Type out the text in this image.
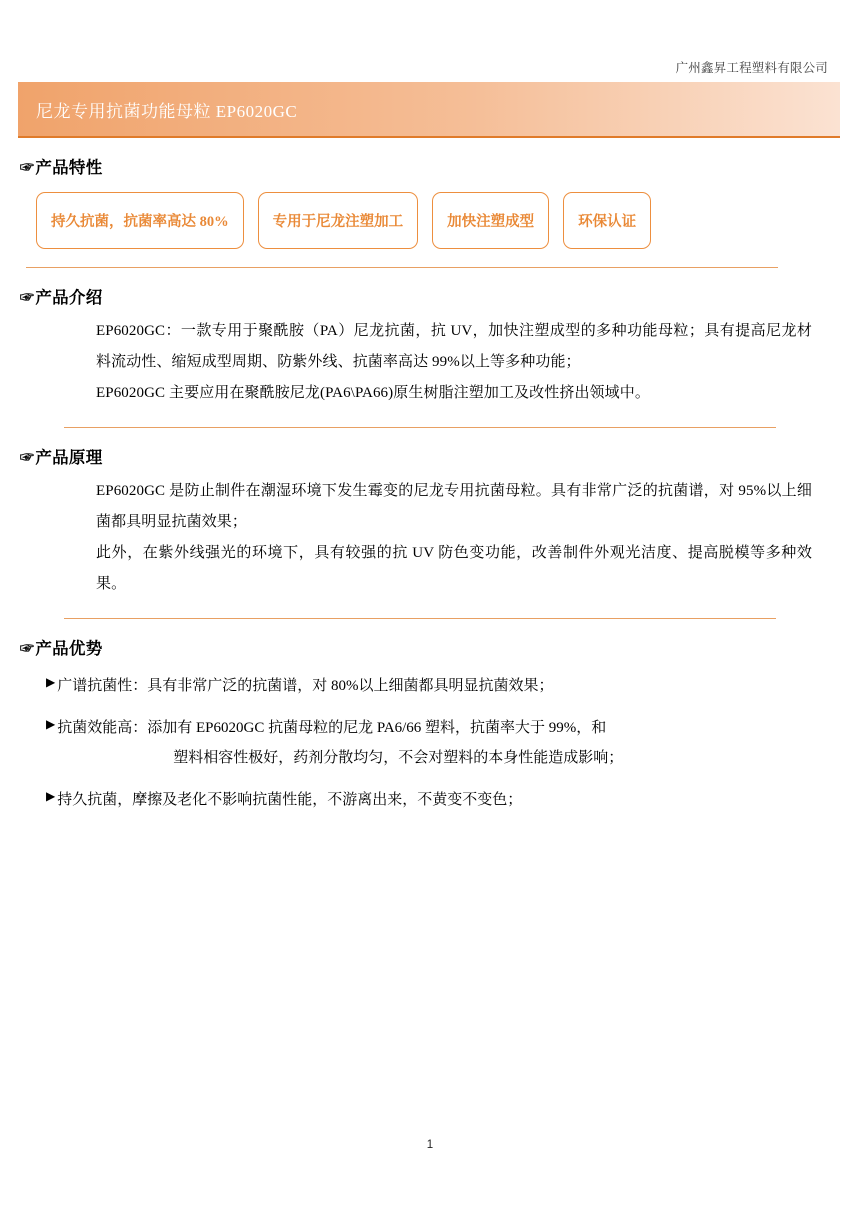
广州鑫昇工程塑料有限公司
尼龙专用抗菌功能母粒 EP6020GC
☞ 产品特性
持久抗菌，抗菌率高达 80%	专用于尼龙注塑加工	加快注塑成型	环保认证
☞ 产品介绍
EP6020GC：一款专用于聚酰胺（PA）尼龙抗菌，抗 UV，加快注塑成型的多种功能母粒；具有提高尼龙材料流动性、缩短成型周期、防紫外线、抗菌率高达 99%以上等多种功能；
EP6020GC 主要应用在聚酰胺尼龙(PA6\PA66)原生树脂注塑加工及改性挤出领域中。
☞ 产品原理
EP6020GC 是防止制件在潮湿环境下发生霉变的尼龙专用抗菌母粒。具有非常广泛的抗菌谱，对 95%以上细菌都具明显抗菌效果；
此外，在紫外线强光的环境下，具有较强的抗 UV 防色变功能，改善制件外观光洁度、提高脱模等多种效果。
☞ 产品优势
▶ 广谱抗菌性：具有非常广泛的抗菌谱，对 80%以上细菌都具明显抗菌效果；
▶ 抗菌效能高：添加有 EP6020GC 抗菌母粒的尼龙 PA6/66 塑料，抗菌率大于 99%，和
塑料相容性极好，药剂分散均匀，不会对塑料的本身性能造成影响；
▶ 持久抗菌，摩擦及老化不影响抗菌性能，不游离出来，不黄变不变色；
1
